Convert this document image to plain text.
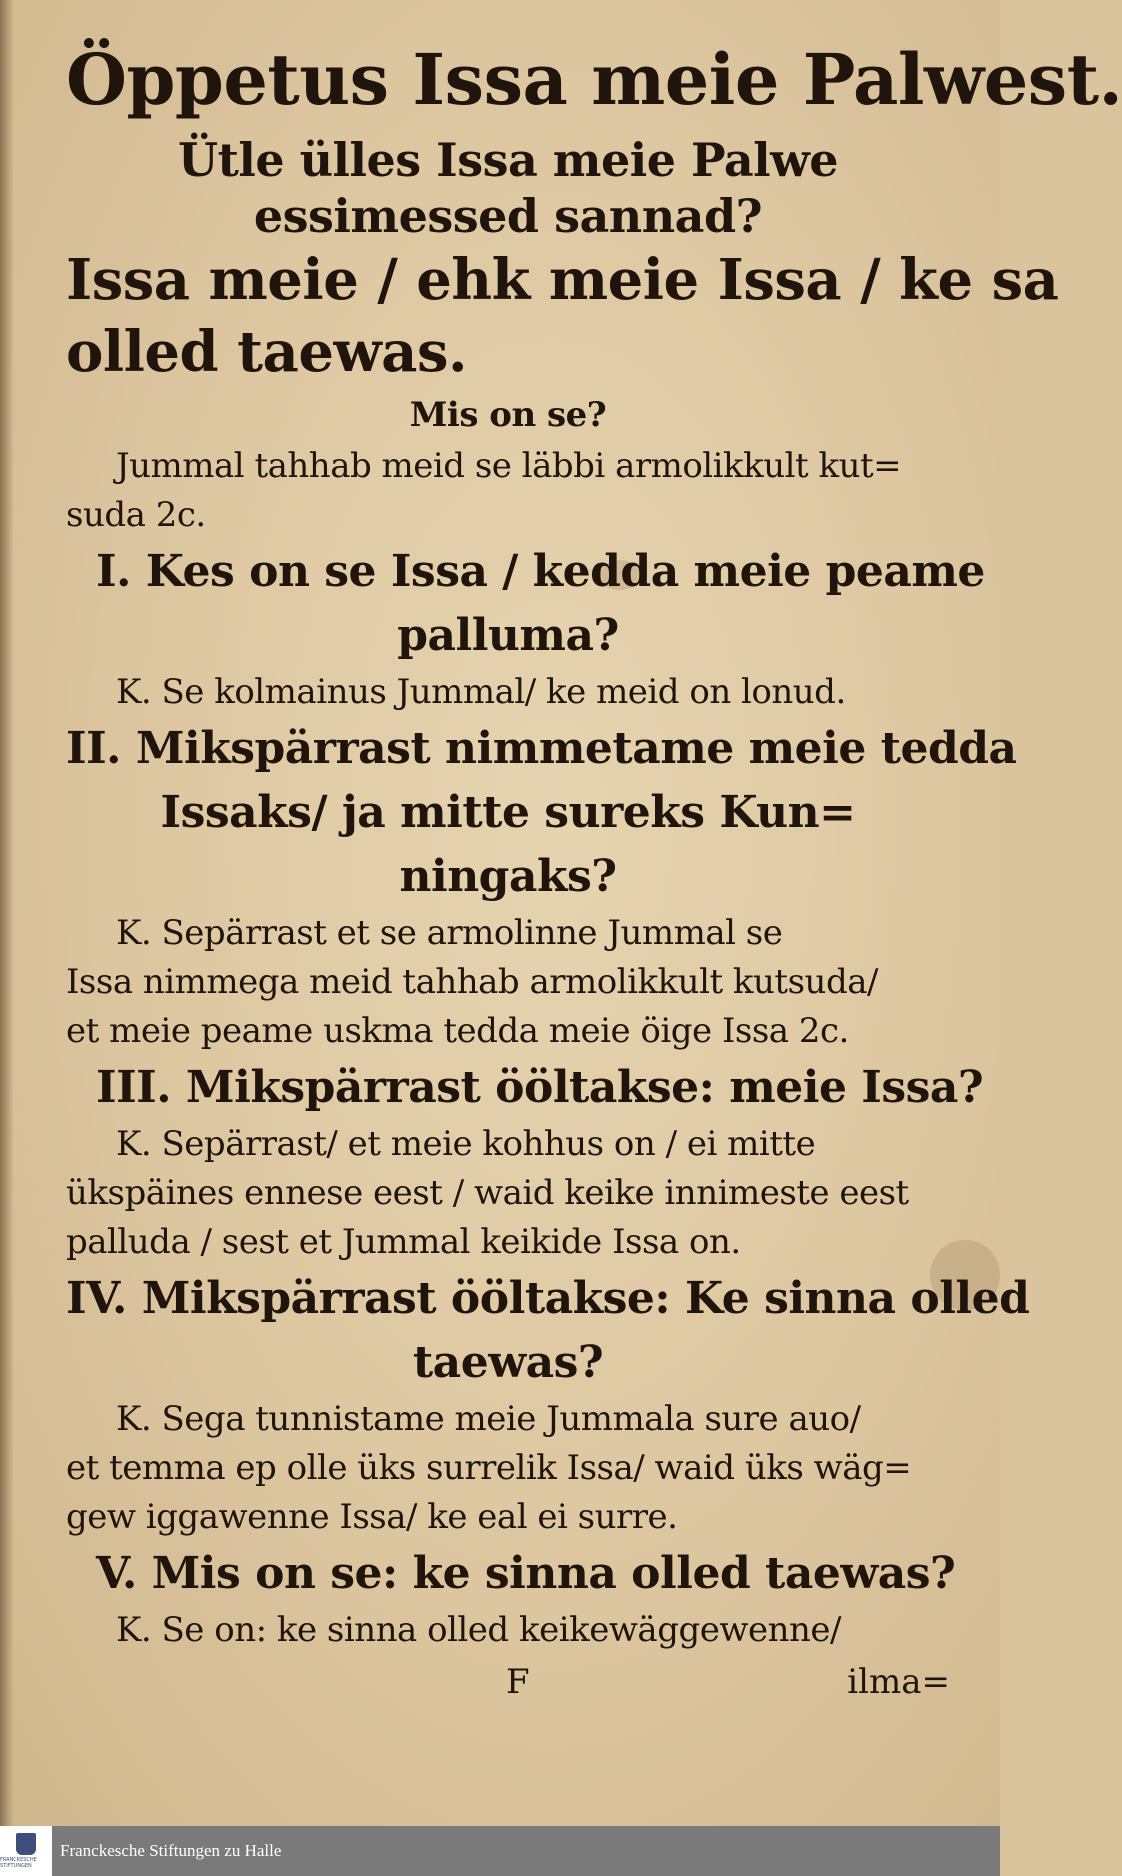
Öppetus Issa meie Palwest.
Ütle ülles Issa meie Palwe
essimessed sannad?
Issa meie / ehk meie Issa / ke sa
olled taewas.
Mis on se?
Jummal tahhab meid se läbbi armolikkult kut=
suda 2c.
I. Kes on se Issa / kedda meie peame
palluma?
K. Se kolmainus Jummal/ ke meid on lonud.
II. Mikspärrast nimmetame meie tedda
Issaks/ ja mitte sureks Kun=
ningaks?
K. Sepärrast et se armolinne Jummal se
Issa nimmega meid tahhab armolikkult kutsuda/
et meie peame uskma tedda meie öige Issa 2c.
III. Mikspärrast ööltakse: meie Issa?
K. Sepärrast/ et meie kohhus on / ei mitte
ükspäines ennese eest / waid keike innimeste eest
palluda / sest et Jummal keikide Issa on.
IV. Mikspärrast ööltakse: Ke sinna olled
taewas?
K. Sega tunnistame meie Jummala sure auo/
et temma ep olle üks surrelik Issa/ waid üks wäg=
gew iggawenne Issa/ ke eal ei surre.
V. Mis on se: ke sinna olled taewas?
K. Se on: ke sinna olled keikewäggewenne/
F	ilma=
FRANCKESCHE STIFTUNGEN
Franckesche Stiftungen zu Halle
